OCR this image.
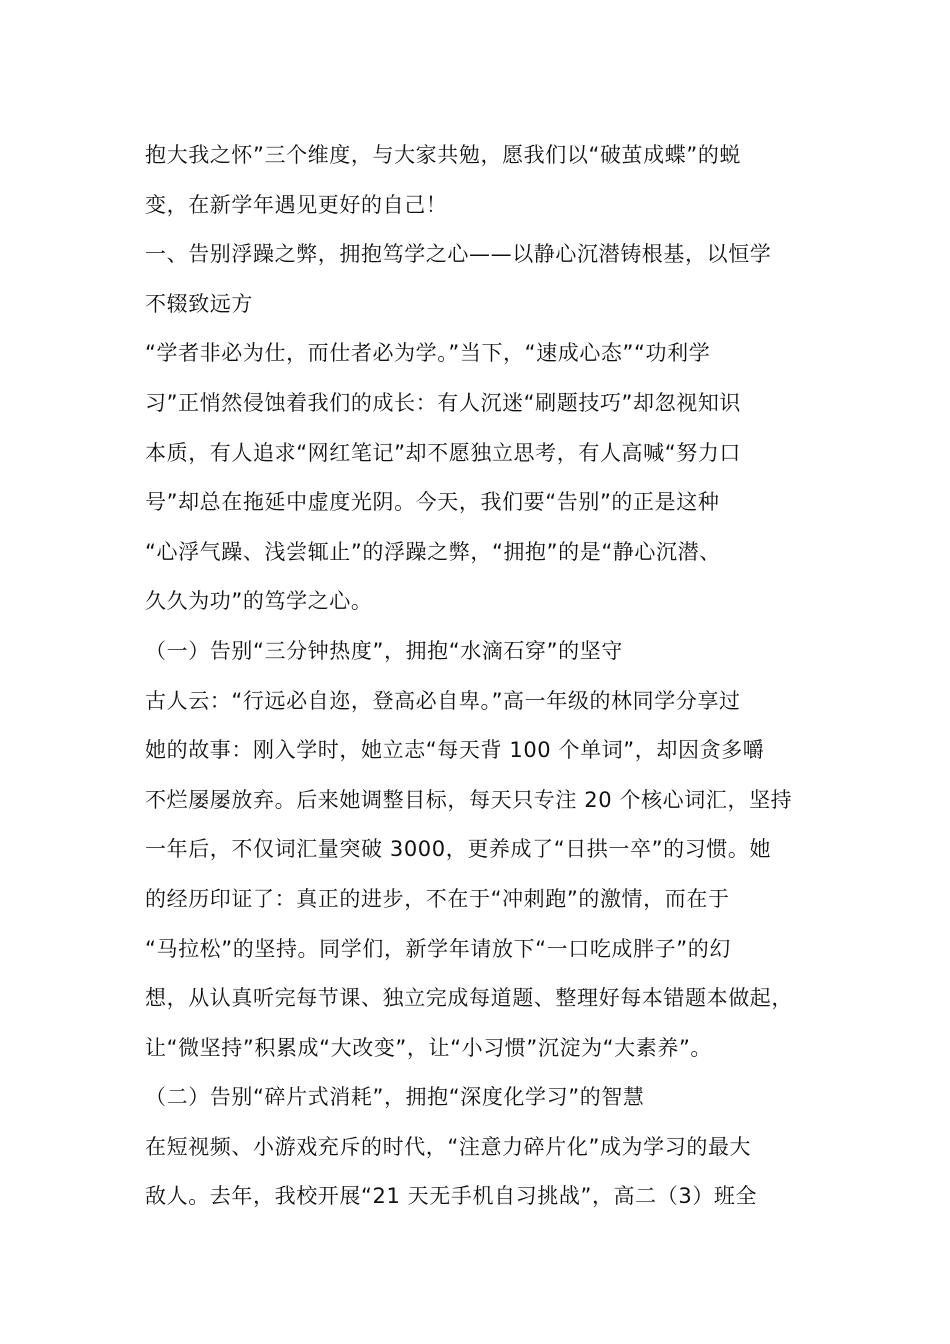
抱大我之怀”三个维度，与大家共勉，愿我们以“破茧成蝶”的蜕
变，在新学年遇见更好的自己！
一、告别浮躁之弊，拥抱笃学之心——以静心沉潜铸根基，以恒学
不辍致远方
“学者非必为仕，而仕者必为学。”当下，“速成心态”“功利学
习”正悄然侵蚀着我们的成长：有人沉迷“刷题技巧”却忽视知识
本质，有人追求“网红笔记”却不愿独立思考，有人高喊“努力口
号”却总在拖延中虚度光阴。今天，我们要“告别”的正是这种
“心浮气躁、浅尝辄止”的浮躁之弊，“拥抱”的是“静心沉潜、
久久为功”的笃学之心。
（一）告别“三分钟热度”，拥抱“水滴石穿”的坚守
古人云：“行远必自迩，登高必自卑。”高一年级的林同学分享过
她的故事：刚入学时，她立志“每天背 100 个单词”，却因贪多嚼
不烂屡屡放弃。后来她调整目标，每天只专注 20 个核心词汇，坚持
一年后，不仅词汇量突破 3000，更养成了“日拱一卒”的习惯。她
的经历印证了：真正的进步，不在于“冲刺跑”的激情，而在于
“马拉松”的坚持。同学们，新学年请放下“一口吃成胖子”的幻
想，从认真听完每节课、独立完成每道题、整理好每本错题本做起，
让“微坚持”积累成“大改变”，让“小习惯”沉淀为“大素养”。
（二）告别“碎片式消耗”，拥抱“深度化学习”的智慧
在短视频、小游戏充斥的时代，“注意力碎片化”成为学习的最大
敌人。去年，我校开展“21 天无手机自习挑战”，高二（3）班全
